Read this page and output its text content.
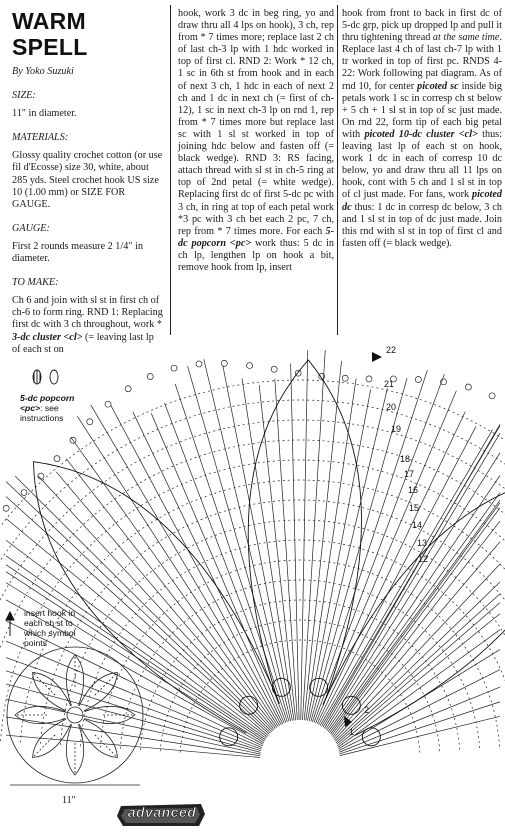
WARM SPELL

By Yoko Suzuki

SIZE:

11" in diameter.

MATERIALS:

Glossy quality crochet cotton (or use fil d'Ecosse) size 30, white, about 285 yds. Steel crochet hook US size 10 (1.00 mm) or SIZE FOR GAUGE.

GAUGE:

First 2 rounds measure 2 1/4" in diameter.

TO MAKE:

Ch 6 and join with sl st in first ch of ch-6 to form ring. RND 1: Replacing first dc with 3 ch throughout, work * 3-dc cluster <cl> (= leaving last lp of each st on

hook, work 3 dc in beg ring, yo and draw thru all 4 lps on hook), 3 ch, rep from * 7 times more; replace last 2 ch of last ch-3 lp with 1 hdc worked in top of first cl. RND 2: Work * 12 ch, 1 sc in 6th st from hook and in each of next 3 ch, 1 hdc in each of next 2 ch and 1 dc in next ch (= first of ch-12), 1 sc in next ch-3 lp on rnd 1, rep from * 7 times more but replace last sc with 1 sl st worked in top of joining hdc below and fasten off (= black wedge). RND 3: RS facing, attach thread with sl st in ch-5 ring at top of 2nd petal (= white wedge). Replacing first dc of first 5-dc pc with 3 ch, in ring at top of each petal work *3 pc with 3 ch bet each 2 pc, 7 ch, rep from * 7 times more. For each 5-dc popcorn <pc> work thus: 5 dc in ch lp, lengthen lp on hook a bit, remove hook from lp, insert

hook from front to back in first dc of 5-dc grp, pick up dropped lp and pull it thru tightening thread at the same time. Replace last 4 ch of last ch-7 lp with 1 tr worked in top of first pc. RNDS 4-22: Work following pat diagram. As of rnd 10, for center picoted sc inside big petals work 1 sc in corresp ch st below + 5 ch + 1 sl st in top of sc just made. On rnd 22, form tip of each big petal with picoted 10-dc cluster <cl> thus: leaving last lp of each st on hook, work 1 dc in each of corresp 10 dc below, yo and draw thru all 11 lps on hook, cont with 5 ch and 1 sl st in top of cl just made. For fans, work picoted dc thus: 1 dc in corresp dc below, 3 ch and 1 sl st in top of dc just made. Join this rnd with sl st in top of first cl and fasten off (= black wedge).

22
21
20
19
18
17
16
15
14
13
12
2
1
5-dc popcorn
<pc>: see instructions
insert hook in each ch st to which symbol points
11"
advanced
